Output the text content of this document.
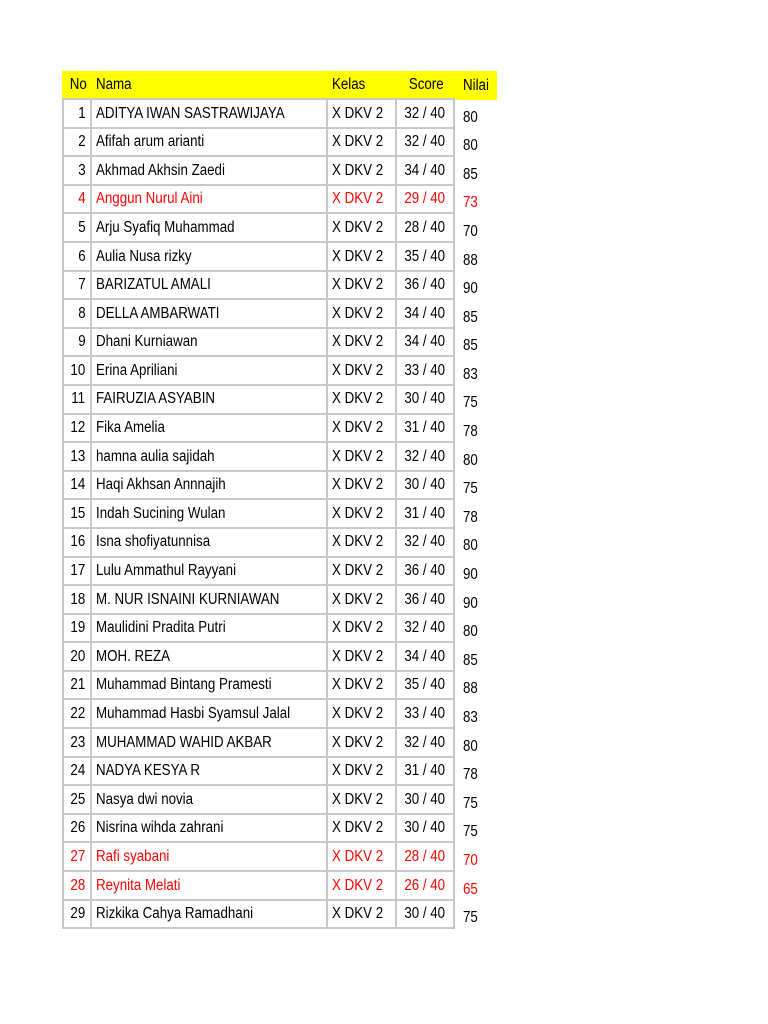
No	Nama	Kelas	Score	Nilai
1	ADITYA IWAN SASTRAWIJAYA	X DKV 2	32 / 40	80
2	Afifah arum arianti	X DKV 2	32 / 40	80
3	Akhmad Akhsin Zaedi	X DKV 2	34 / 40	85
4	Anggun Nurul Aini	X DKV 2	29 / 40	73
5	Arju Syafiq Muhammad	X DKV 2	28 / 40	70
6	Aulia Nusa rizky	X DKV 2	35 / 40	88
7	BARIZATUL AMALI	X DKV 2	36 / 40	90
8	DELLA AMBARWATI	X DKV 2	34 / 40	85
9	Dhani Kurniawan	X DKV 2	34 / 40	85
10	Erina Apriliani	X DKV 2	33 / 40	83
11	FAIRUZIA ASYABIN	X DKV 2	30 / 40	75
12	Fika Amelia	X DKV 2	31 / 40	78
13	hamna aulia sajidah	X DKV 2	32 / 40	80
14	Haqi Akhsan Annnajih	X DKV 2	30 / 40	75
15	Indah Sucining Wulan	X DKV 2	31 / 40	78
16	Isna shofiyatunnisa	X DKV 2	32 / 40	80
17	Lulu Ammathul Rayyani	X DKV 2	36 / 40	90
18	M. NUR ISNAINI KURNIAWAN	X DKV 2	36 / 40	90
19	Maulidini Pradita Putri	X DKV 2	32 / 40	80
20	MOH. REZA	X DKV 2	34 / 40	85
21	Muhammad Bintang Pramesti	X DKV 2	35 / 40	88
22	Muhammad Hasbi Syamsul Jalal	X DKV 2	33 / 40	83
23	MUHAMMAD WAHID AKBAR	X DKV 2	32 / 40	80
24	NADYA KESYA R	X DKV 2	31 / 40	78
25	Nasya dwi novia	X DKV 2	30 / 40	75
26	Nisrina wihda zahrani	X DKV 2	30 / 40	75
27	Rafi syabani	X DKV 2	28 / 40	70
28	Reynita Melati	X DKV 2	26 / 40	65
29	Rizkika Cahya Ramadhani	X DKV 2	30 / 40	75
